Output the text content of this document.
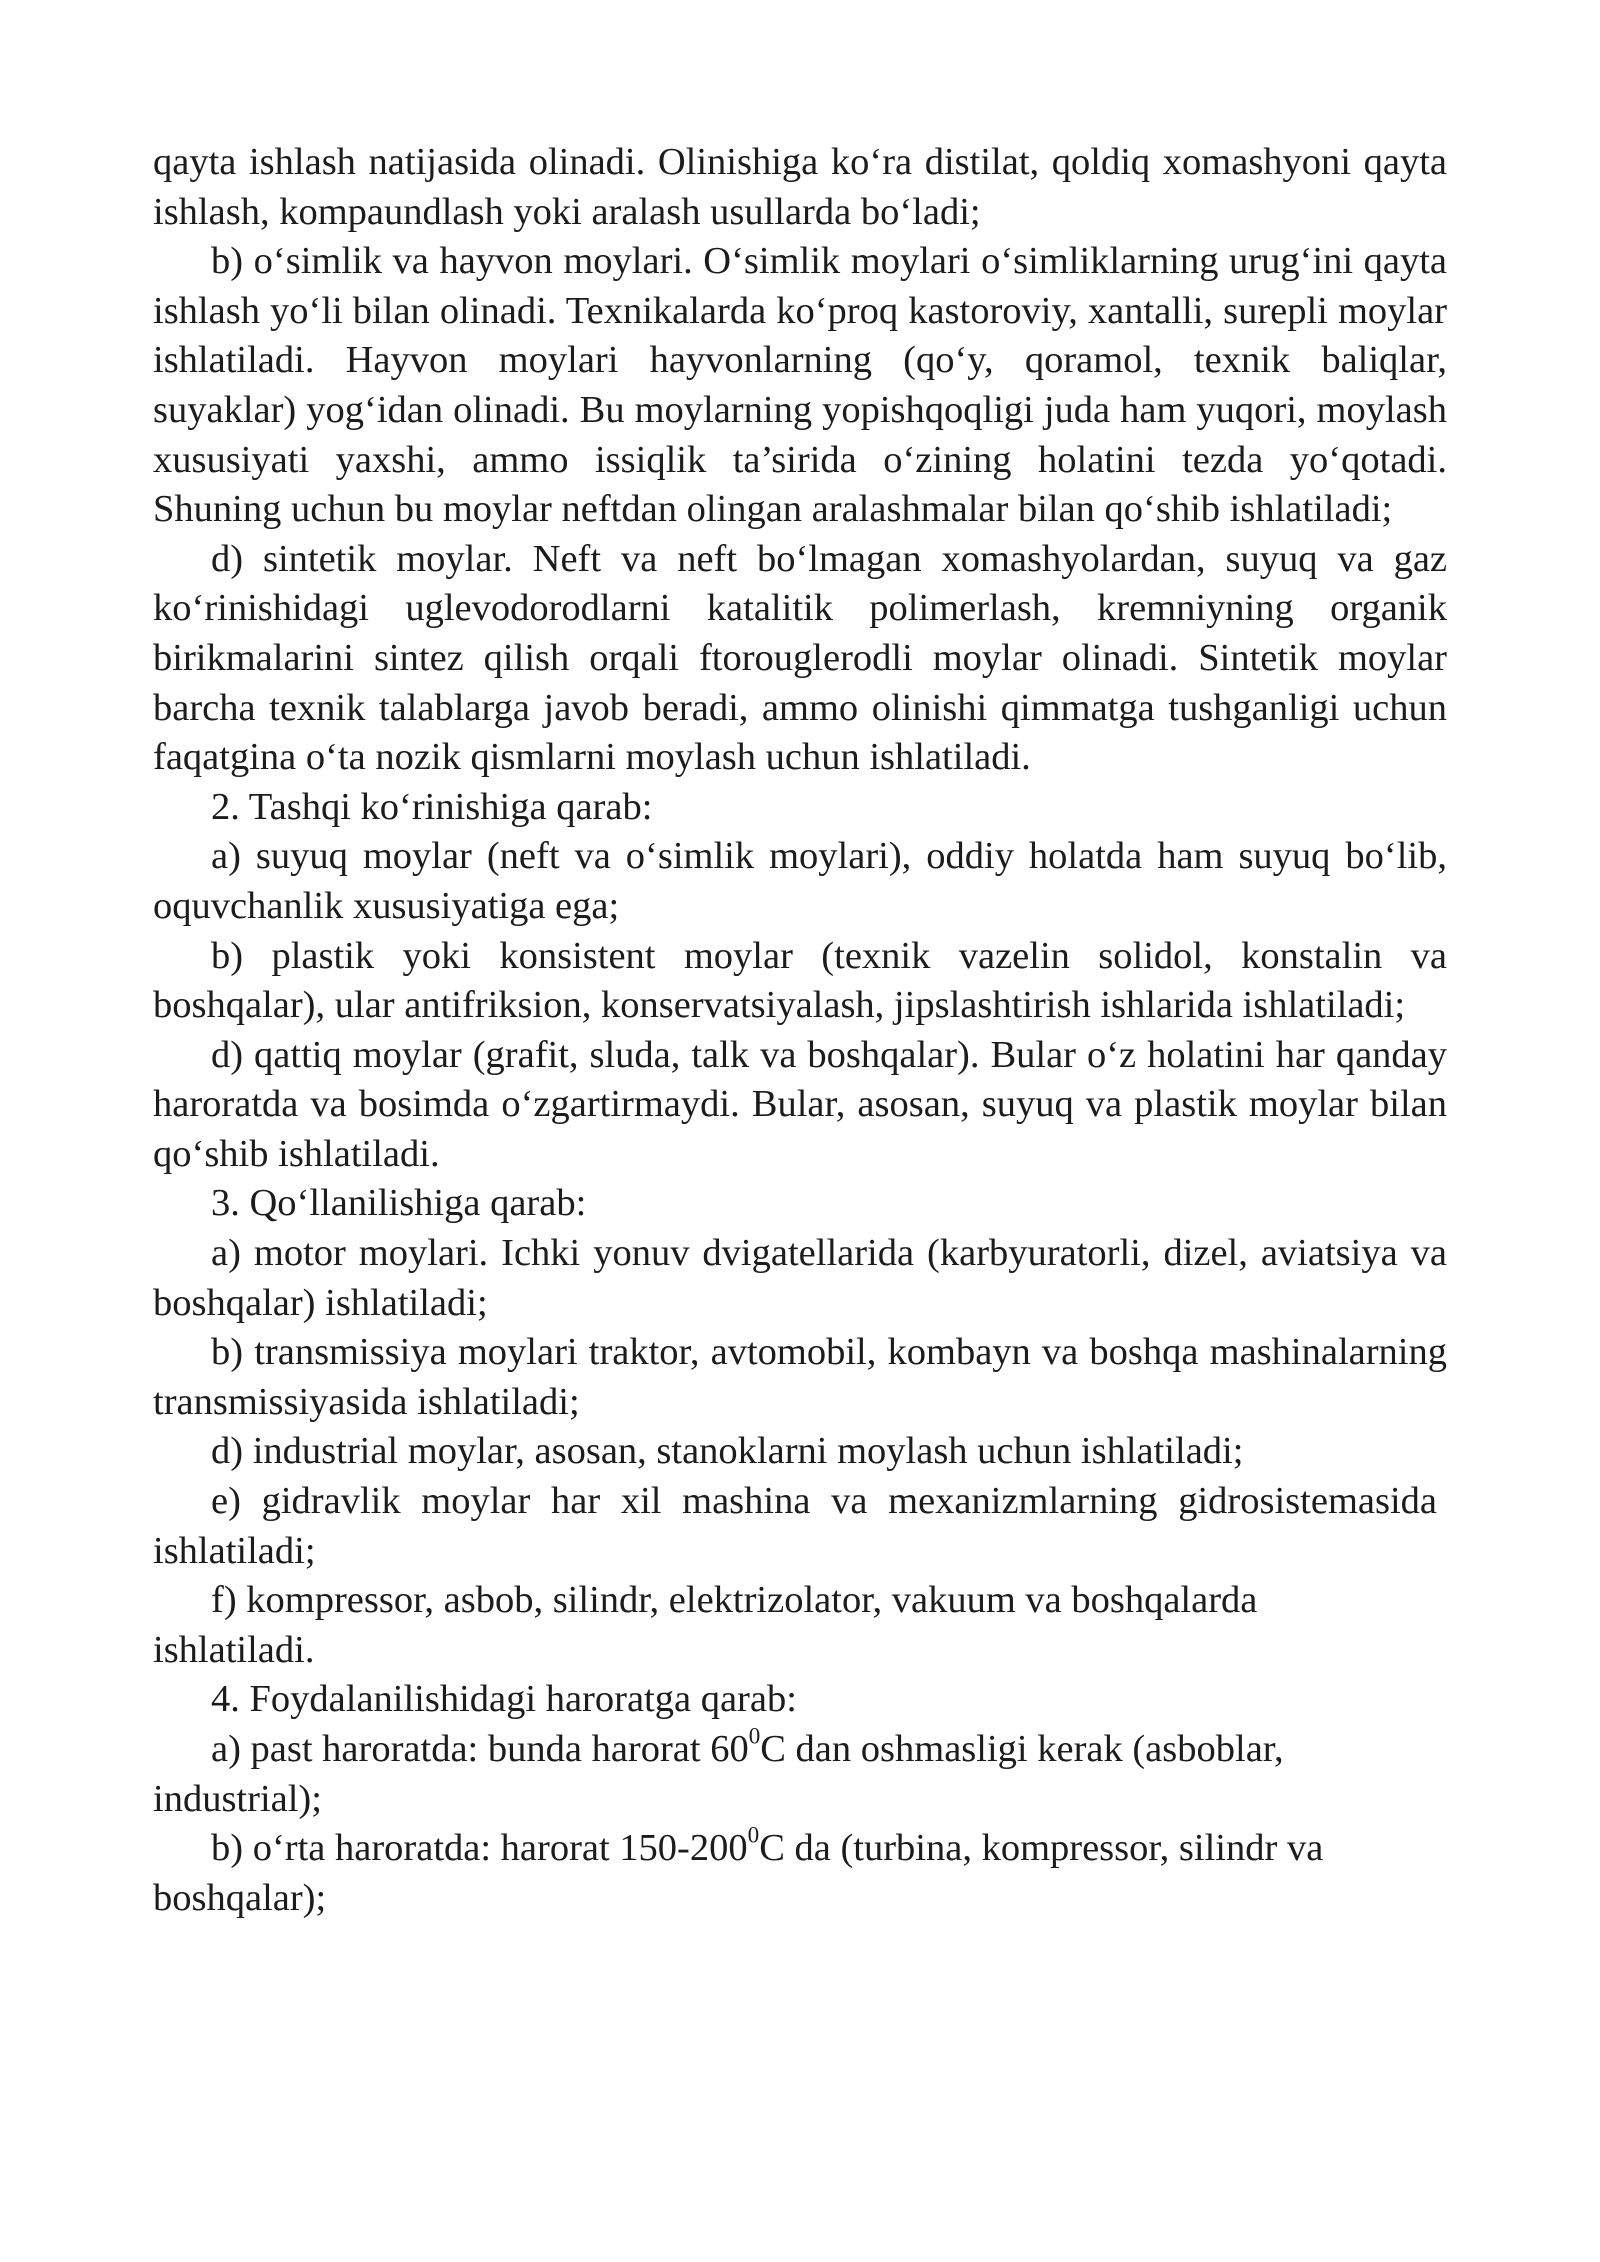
qayta ishlash natijasida olinadi. Olinishiga ko‘ra distilat, qoldiq xomashyoni qayta ishlash, kompaundlash yoki aralash usullarda bo‘ladi;

b) o‘simlik va hayvon moylari. O‘simlik moylari o‘simliklarning urug‘ini qayta ishlash yo‘li bilan olinadi. Texnikalarda ko‘proq kastoroviy, xantalli, surepli moylar ishlatiladi. Hayvon moylari hayvonlarning (qo‘y, qoramol, texnik baliqlar, suyaklar) yog‘idan olinadi. Bu moylarning yopishqoqligi juda ham yuqori, moylash xususiyati yaxshi, ammo issiqlik ta’sirida o‘zining holatini tezda yo‘qotadi. Shuning uchun bu moylar neftdan olingan aralashmalar bilan qo‘shib ishlatiladi;

d) sintetik moylar. Neft va neft bo‘lmagan xomashyolardan, suyuq va gaz ko‘rinishidagi uglevodorodlarni katalitik polimerlash, kremniyning organik birikmalarini sintez qilish orqali ftorouglerodli moylar olinadi. Sintetik moylar barcha texnik talablarga javob beradi, ammo olinishi qimmatga tushganligi uchun faqatgina o‘ta nozik qismlarni moylash uchun ishlatiladi.

2. Tashqi ko‘rinishiga qarab:

a) suyuq moylar (neft va o‘simlik moylari), oddiy holatda ham suyuq bo‘lib, oquvchanlik xususiyatiga ega;

b) plastik yoki konsistent moylar (texnik vazelin solidol, konstalin va boshqalar), ular antifriksion, konservatsiyalash, jipslashtirish ishlarida ishlatiladi;

d) qattiq moylar (grafit, sluda, talk va boshqalar). Bular o‘z holatini har qanday haroratda va bosimda o‘zgartirmaydi. Bular, asosan, suyuq va plastik moylar bilan qo‘shib ishlatiladi.

3. Qo‘llanilishiga qarab:

a) motor moylari. Ichki yonuv dvigatellarida (karbyuratorli, dizel, aviatsiya va boshqalar) ishlatiladi;

b) transmissiya moylari traktor, avtomobil, kombayn va boshqa mashinalarning transmissiyasida ishlatiladi;

d) industrial moylar, asosan, stanoklarni moylash uchun ishlatiladi;

e) gidravlik moylar har xil mashina va mexanizmlarning gidrosistemasida ishlatiladi;

f) kompressor, asbob, silindr, elektrizolator, vakuum va boshqalarda ishlatiladi.

4. Foydalanilishidagi haroratga qarab:

a) past haroratda: bunda harorat $60^0C$ dan oshmasligi kerak (asboblar, industrial);

b) o‘rta haroratda: harorat $150-200^0C$ da (turbina, kompressor, silindr va boshqalar);
